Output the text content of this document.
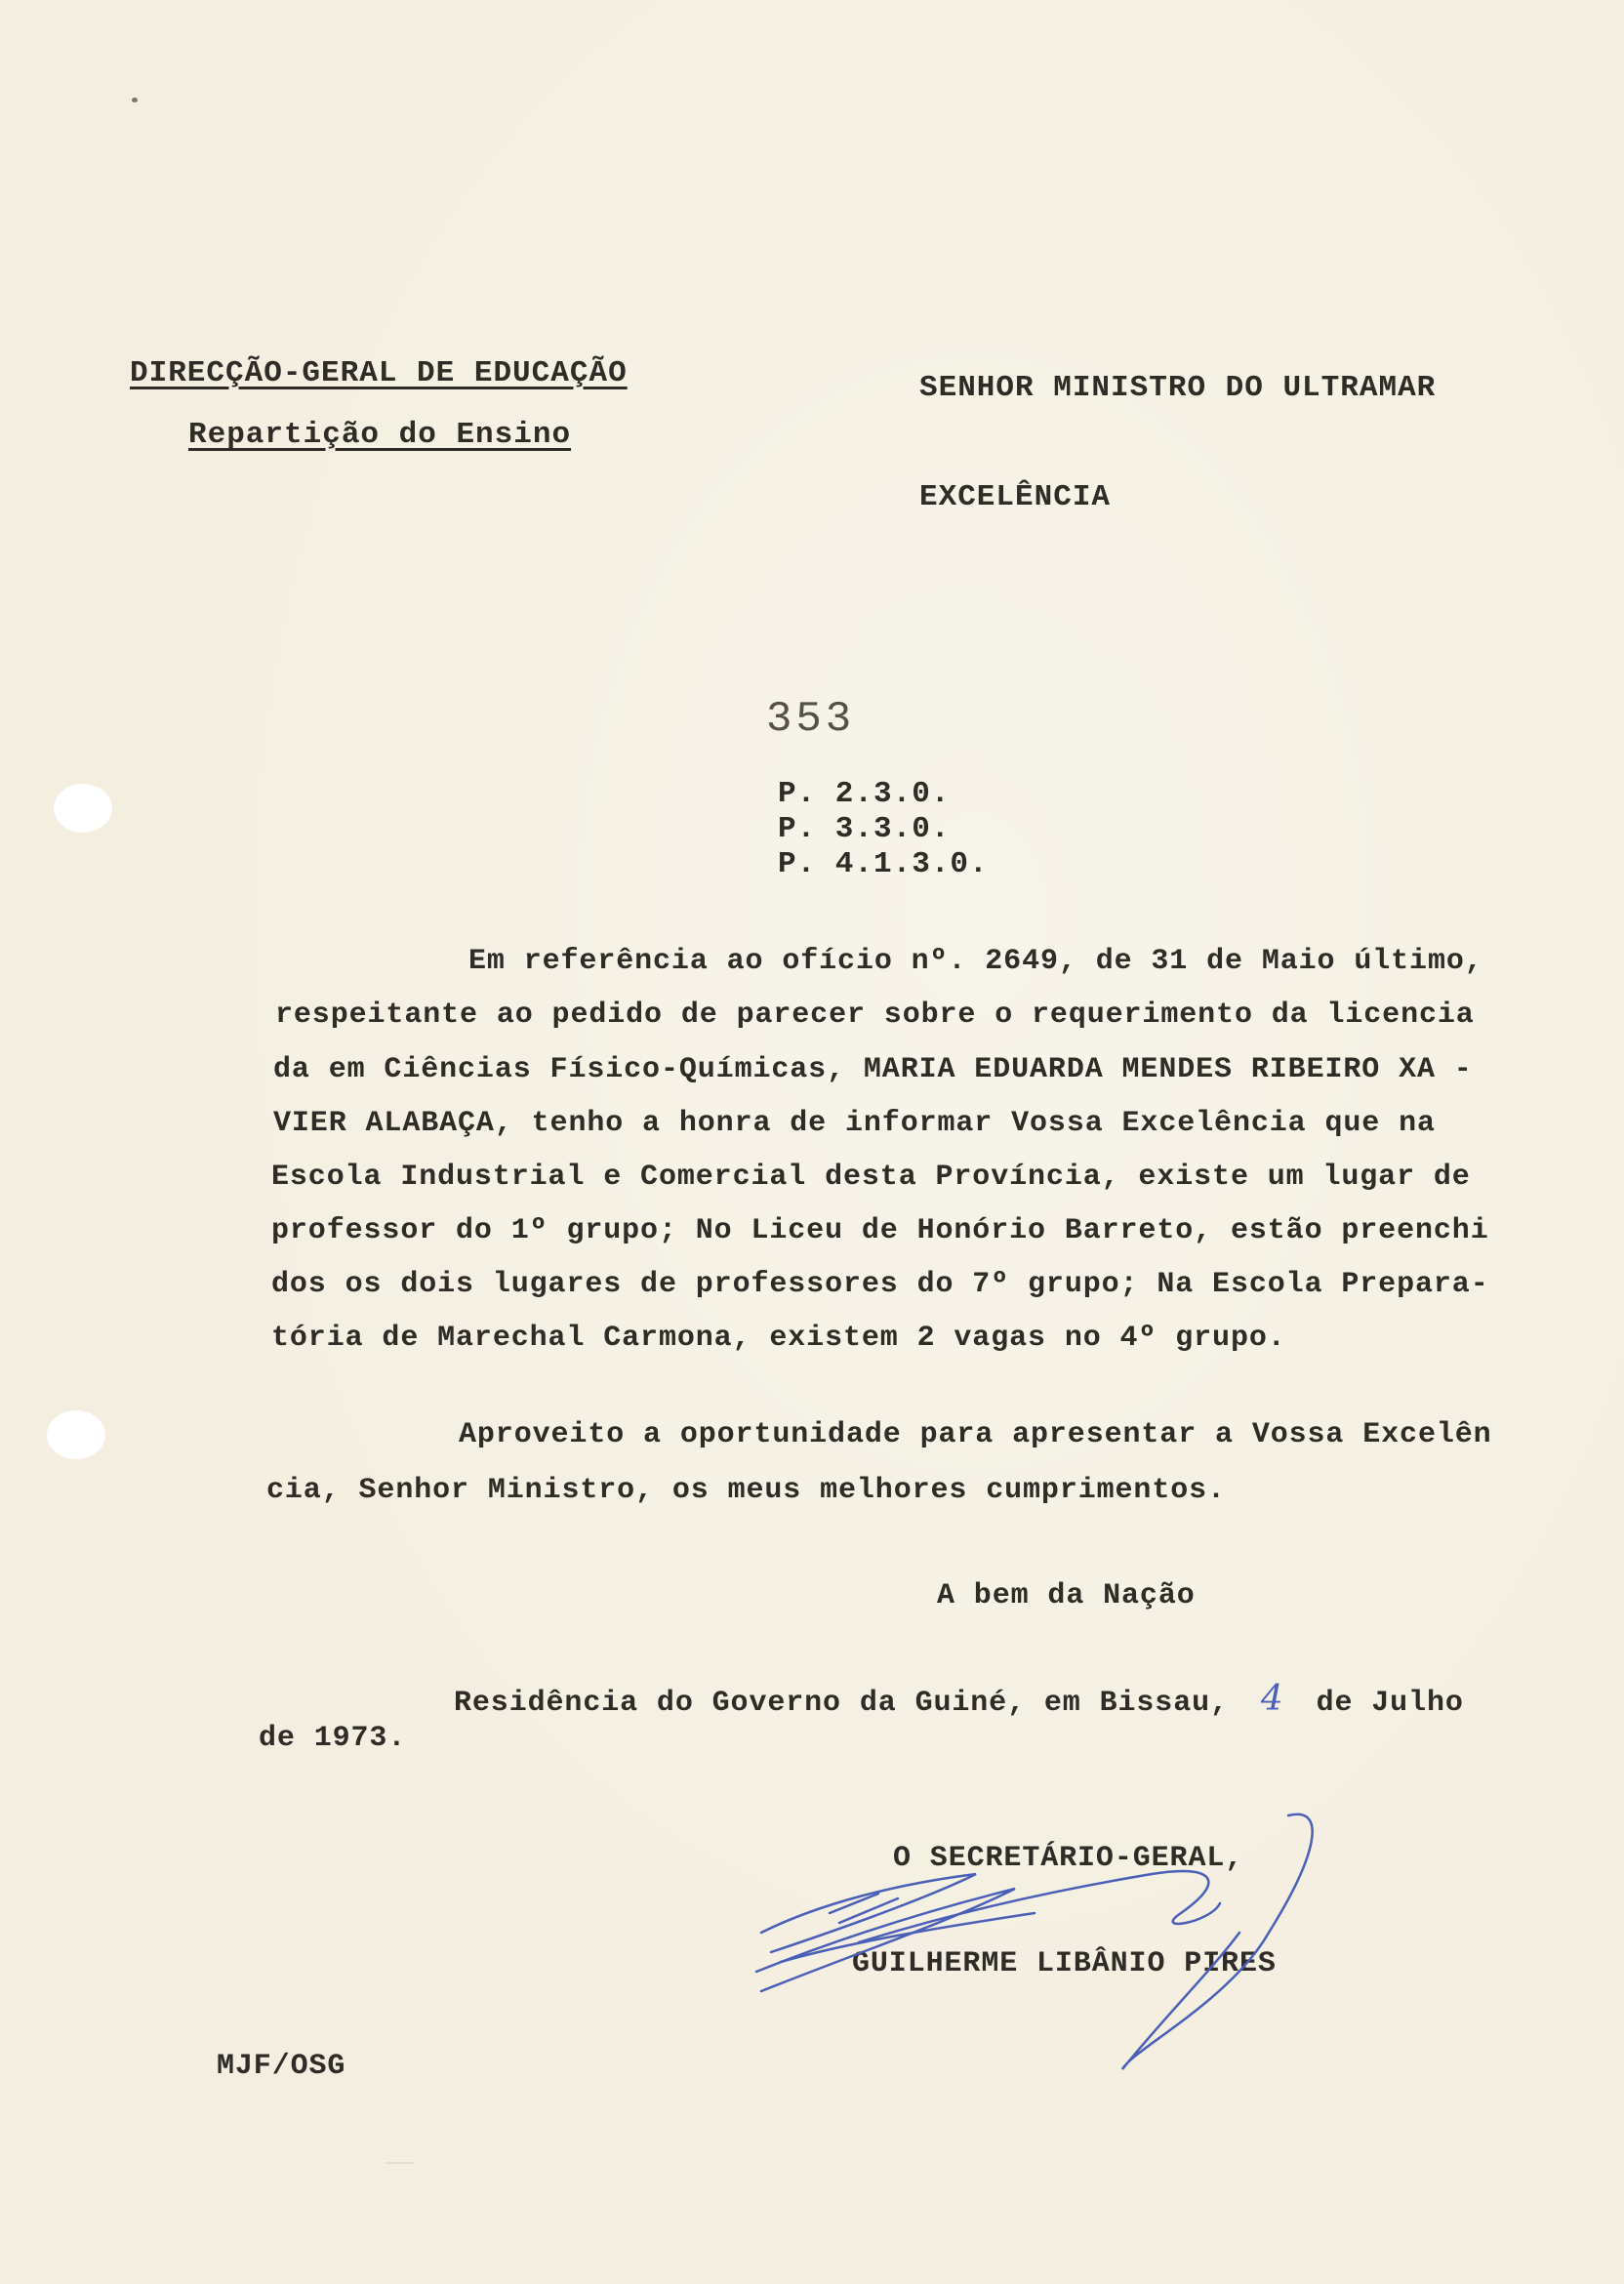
DIRECÇÃO-GERAL DE EDUCAÇÃO

Repartição do Ensino

SENHOR MINISTRO DO ULTRAMAR

EXCELÊNCIA

353

P. 2.3.0.

P. 3.3.0.

P. 4.1.3.0.

Em referência ao ofício nº. 2649, de 31 de Maio último,

respeitante ao pedido de parecer sobre o requerimento da licencia

da em Ciências Físico-Químicas, MARIA EDUARDA MENDES RIBEIRO XA -

VIER ALABAÇA, tenho a honra de informar Vossa Excelência que na

Escola Industrial e Comercial desta Província, existe um lugar de

professor do 1º grupo; No Liceu de Honório Barreto, estão preenchi

dos os dois lugares de professores do 7º grupo; Na Escola Prepara-

tória de Marechal Carmona, existem 2 vagas no 4º grupo.

Aproveito a oportunidade para apresentar a Vossa Excelên

cia, Senhor Ministro, os meus melhores cumprimentos.

A bem da Nação

Residência do Governo da Guiné, em Bissau, 4 de Julho

de 1973.

O SECRETÁRIO-GERAL,

GUILHERME LIBÂNIO PIRES

MJF/OSG
